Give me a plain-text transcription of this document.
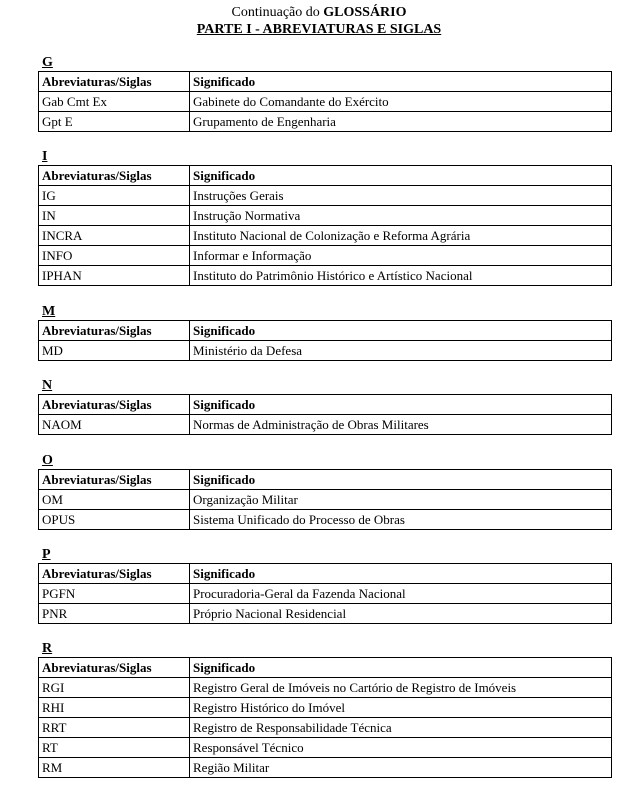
Continuação do GLOSSÁRIO
PARTE I - ABREVIATURAS E SIGLAS
G
Abreviaturas/Siglas	Significado
Gab Cmt Ex	Gabinete do Comandante do Exército
Gpt E	Grupamento de Engenharia
I
Abreviaturas/Siglas	Significado
IG	Instruções Gerais
IN	Instrução Normativa
INCRA	Instituto Nacional de Colonização e Reforma Agrária
INFO	Informar e Informação
IPHAN	Instituto do Patrimônio Histórico e Artístico Nacional
M
Abreviaturas/Siglas	Significado
MD	Ministério da Defesa
N
Abreviaturas/Siglas	Significado
NAOM	Normas de Administração de Obras Militares
O
Abreviaturas/Siglas	Significado
OM	Organização Militar
OPUS	Sistema Unificado do Processo de Obras
P
Abreviaturas/Siglas	Significado
PGFN	Procuradoria-Geral da Fazenda Nacional
PNR	Próprio Nacional Residencial
R
Abreviaturas/Siglas	Significado
RGI	Registro Geral de Imóveis no Cartório de Registro de Imóveis
RHI	Registro Histórico do Imóvel
RRT	Registro de Responsabilidade Técnica
RT	Responsável Técnico
RM	Região Militar
